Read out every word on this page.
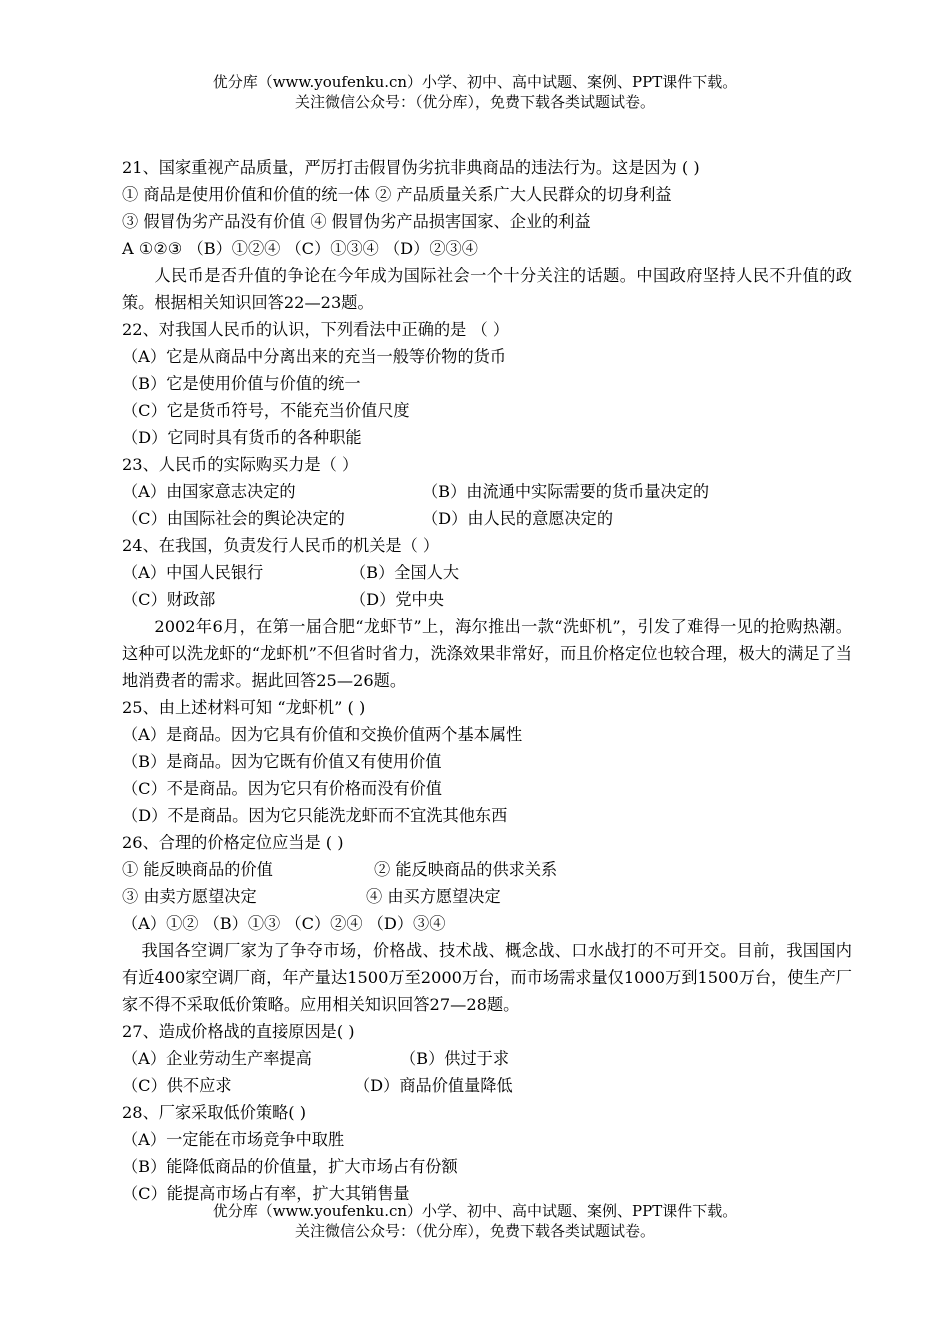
优分库（www.youfenku.cn）小学、初中、高中试题、案例、PPT课件下载。
关注微信公众号：（优分库），免费下载各类试题试卷。
21、国家重视产品质量，严厉打击假冒伪劣抗非典商品的违法行为。这是因为 ( )
① 商品是使用价值和价值的统一体 ② 产品质量关系广大人民群众的切身利益
③ 假冒伪劣产品没有价值 ④ 假冒伪劣产品损害国家、企业的利益
A ①②③ （B）①②④ （C）①③④ （D）②③④
人民币是否升值的争论在今年成为国际社会一个十分关注的话题。中国政府坚持人民不升值的政策。根据相关知识回答22—23题。
22、对我国人民币的认识，下列看法中正确的是 （ ）
（A）它是从商品中分离出来的充当一般等价物的货币
（B）它是使用价值与价值的统一
（C）它是货币符号，不能充当价值尺度
（D）它同时具有货币的各种职能
23、人民币的实际购买力是（ ）
（A）由国家意志决定的	（B）由流通中实际需要的货币量决定的
（C）由国际社会的舆论决定的	（D）由人民的意愿决定的
24、在我国，负责发行人民币的机关是（ ）
（A）中国人民银行	（B）全国人大
（C）财政部	（D）党中央
2002年6月，在第一届合肥“龙虾节”上，海尔推出一款“洗虾机”，引发了难得一见的抢购热潮。这种可以洗龙虾的“龙虾机”不但省时省力，洗涤效果非常好，而且价格定位也较合理，极大的满足了当地消费者的需求。据此回答25—26题。
25、由上述材料可知 “龙虾机” ( )
（A）是商品。因为它具有价值和交换价值两个基本属性
（B）是商品。因为它既有价值又有使用价值
（C）不是商品。因为它只有价格而没有价值
（D）不是商品。因为它只能洗龙虾而不宜洗其他东西
26、合理的价格定位应当是 ( )
① 能反映商品的价值	② 能反映商品的供求关系
③ 由卖方愿望决定	④ 由买方愿望决定
（A）①② （B）①③ （C）②④ （D）③④
我国各空调厂家为了争夺市场，价格战、技术战、概念战、口水战打的不可开交。目前，我国国内有近400家空调厂商，年产量达1500万至2000万台，而市场需求量仅1000万到1500万台，使生产厂家不得不采取低价策略。应用相关知识回答27—28题。
27、造成价格战的直接原因是( )
（A）企业劳动生产率提高	（B）供过于求
（C）供不应求	（D）商品价值量降低
28、厂家采取低价策略( )
（A）一定能在市场竞争中取胜
（B）能降低商品的价值量，扩大市场占有份额
（C）能提高市场占有率，扩大其销售量
优分库（www.youfenku.cn）小学、初中、高中试题、案例、PPT课件下载。
关注微信公众号：（优分库），免费下载各类试题试卷。
